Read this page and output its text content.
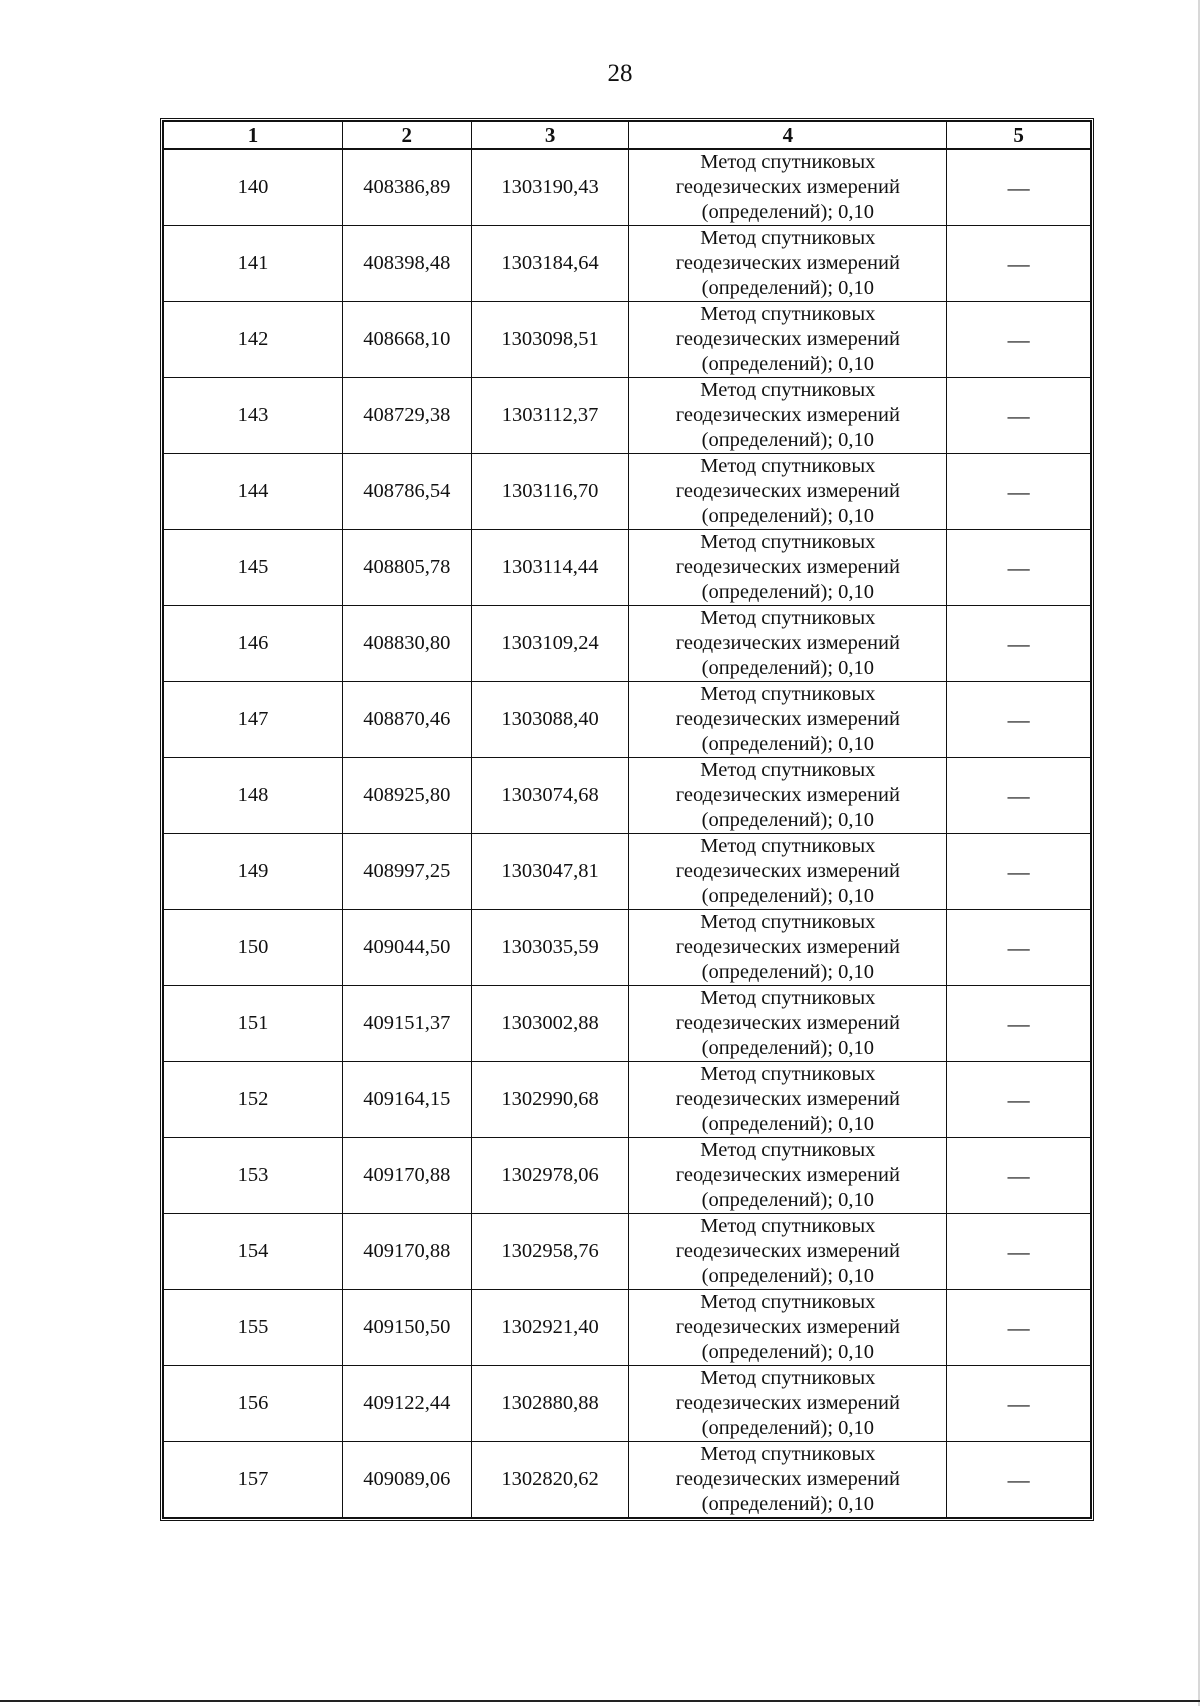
28
1	2	3	4	5
140	408386,89	1303190,43	Метод спутниковых
геодезических измерений
(определений); 0,10	—
141	408398,48	1303184,64	Метод спутниковых
геодезических измерений
(определений); 0,10	—
142	408668,10	1303098,51	Метод спутниковых
геодезических измерений
(определений); 0,10	—
143	408729,38	1303112,37	Метод спутниковых
геодезических измерений
(определений); 0,10	—
144	408786,54	1303116,70	Метод спутниковых
геодезических измерений
(определений); 0,10	—
145	408805,78	1303114,44	Метод спутниковых
геодезических измерений
(определений); 0,10	—
146	408830,80	1303109,24	Метод спутниковых
геодезических измерений
(определений); 0,10	—
147	408870,46	1303088,40	Метод спутниковых
геодезических измерений
(определений); 0,10	—
148	408925,80	1303074,68	Метод спутниковых
геодезических измерений
(определений); 0,10	—
149	408997,25	1303047,81	Метод спутниковых
геодезических измерений
(определений); 0,10	—
150	409044,50	1303035,59	Метод спутниковых
геодезических измерений
(определений); 0,10	—
151	409151,37	1303002,88	Метод спутниковых
геодезических измерений
(определений); 0,10	—
152	409164,15	1302990,68	Метод спутниковых
геодезических измерений
(определений); 0,10	—
153	409170,88	1302978,06	Метод спутниковых
геодезических измерений
(определений); 0,10	—
154	409170,88	1302958,76	Метод спутниковых
геодезических измерений
(определений); 0,10	—
155	409150,50	1302921,40	Метод спутниковых
геодезических измерений
(определений); 0,10	—
156	409122,44	1302880,88	Метод спутниковых
геодезических измерений
(определений); 0,10	—
157	409089,06	1302820,62	Метод спутниковых
геодезических измерений
(определений); 0,10	—
